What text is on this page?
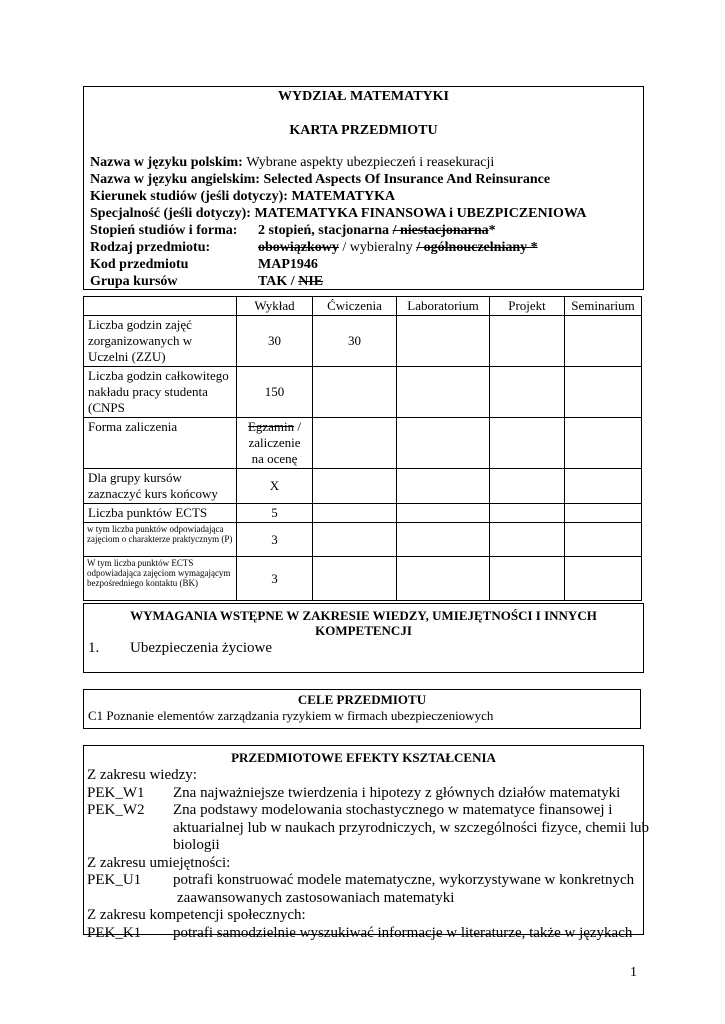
WYDZIAŁ MATEMATYKI
KARTA PRZEDMIOTU
Nazwa w języku polskim: Wybrane aspekty ubezpieczeń i reasekuracji
Nazwa w języku angielskim: Selected Aspects Of Insurance And Reinsurance
Kierunek studiów (jeśli dotyczy): MATEMATYKA
Specjalność (jeśli dotyczy): MATEMATYKA FINANSOWA i UBEZPICZENIOWA
Stopień studiów i forma: 2 stopień, stacjonarna / niestacjonarna*
Rodzaj przedmiotu:	obowiązkowy / wybieralny / ogólnouczelniany *
Kod przedmiotu	MAP1946
Grupa kursów	TAK / NIE
	Wykład	Ćwiczenia	Laboratorium	Projekt	Seminarium
Liczba godzin zajęć zorganizowanych w Uczelni (ZZU)	30	30			
Liczba godzin całkowitego nakładu pracy studenta (CNPS	150				
Forma zaliczenia	Egzamin /
zaliczenie
na ocenę				
Dla grupy kursów zaznaczyć kurs końcowy	X				
Liczba punktów ECTS	5				
w tym liczba punktów odpowiadająca zajęciom o charakterze praktycznym (P)	3				
W tym liczba punktów ECTS odpowiadająca zajęciom wymagającym bezpośredniego kontaktu (BK)	3				
WYMAGANIA WSTĘPNE W ZAKRESIE WIEDZY, UMIEJĘTNOŚCI I INNYCH KOMPETENCJI
1. Ubezpieczenia życiowe
CELE PRZEDMIOTU
C1 Poznanie elementów zarządzania ryzykiem w firmach ubezpieczeniowych
PRZEDMIOTOWE EFEKTY KSZTAŁCENIA
Z zakresu wiedzy:
PEK_W1 Zna najważniejsze twierdzenia i hipotezy z głównych działów matematyki
PEK_W2 Zna podstawy modelowania stochastycznego w matematyce finansowej i
aktuarialnej lub w naukach przyrodniczych, w szczególności fizyce, chemii lub
biologii
Z zakresu umiejętności:
PEK_U1 potrafi konstruować modele matematyczne, wykorzystywane w konkretnych
zaawansowanych zastosowaniach matematyki
Z zakresu kompetencji społecznych:
PEK_K1 potrafi samodzielnie wyszukiwać informacje w literaturze, także w językach
1
